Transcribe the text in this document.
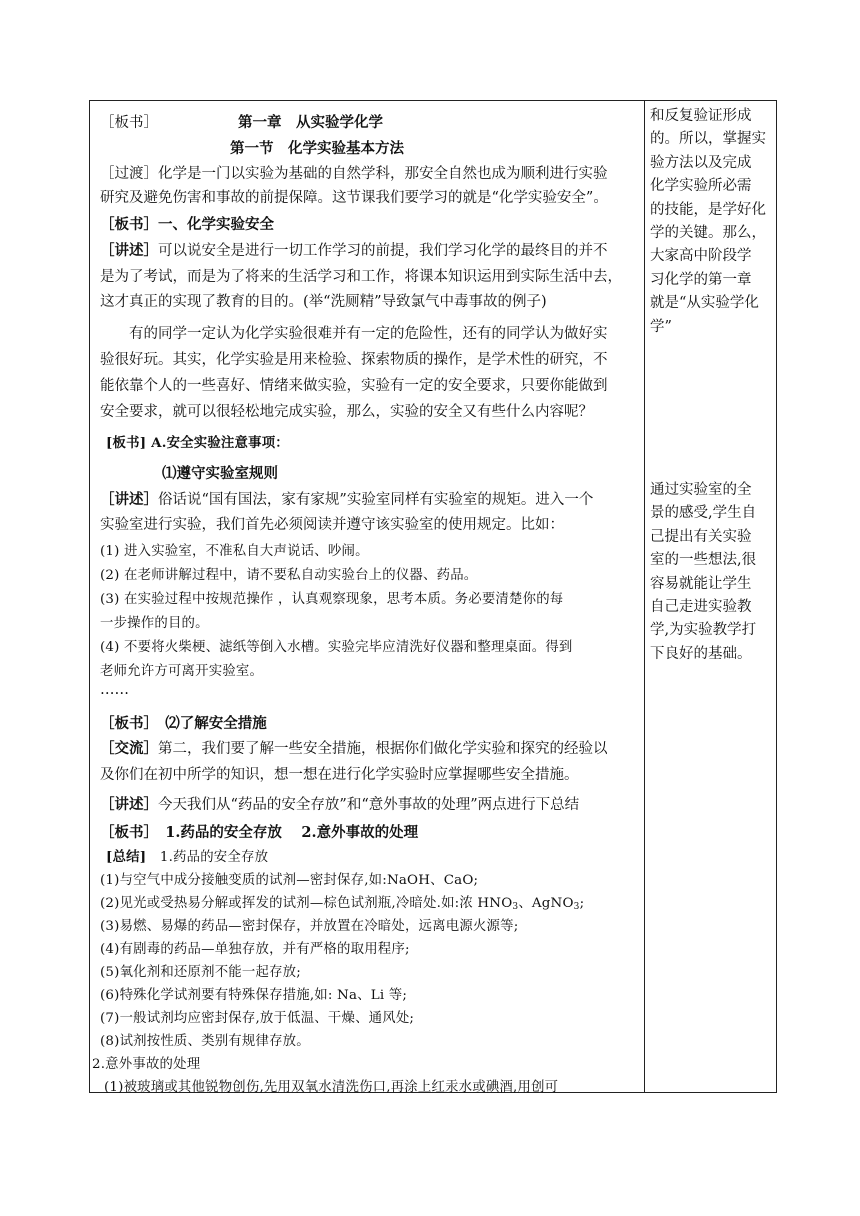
［板书］	第一章　从实验学化学
第一节　化学实验基本方法
［过渡］化学是一门以实验为基础的自然学科，那安全自然也成为顺利进行实验
研究及避免伤害和事故的前提保障。这节课我们要学习的就是“化学实验安全”。
［板书］一、化学实验安全
［讲述］可以说安全是进行一切工作学习的前提，我们学习化学的最终目的并不
是为了考试，而是为了将来的生活学习和工作，将课本知识运用到实际生活中去，
这才真正的实现了教育的目的。(举“洗厕精”导致氯气中毒事故的例子)
有的同学一定认为化学实验很难并有一定的危险性，还有的同学认为做好实
验很好玩。其实，化学实验是用来检验、探索物质的操作，是学术性的研究，不
能依靠个人的一些喜好、情绪来做实验，实验有一定的安全要求，只要你能做到
安全要求，就可以很轻松地完成实验，那么，实验的安全又有些什么内容呢？
[板书] A.安全实验注意事项：
⑴遵守实验室规则
［讲述］俗话说“国有国法，家有家规”实验室同样有实验室的规矩。进入一个
实验室进行实验，我们首先必须阅读并遵守该实验室的使用规定。比如：
(1) 进入实验室，不准私自大声说话、吵闹。
(2) 在老师讲解过程中，请不要私自动实验台上的仪器、药品。
(3) 在实验过程中按规范操作 ，认真观察现象，思考本质。务必要清楚你的每
一步操作的目的。
(4) 不要将火柴梗、滤纸等倒入水槽。实验完毕应清洗好仪器和整理桌面。得到
老师允许方可离开实验室。
……
［板书］　⑵了解安全措施
［交流］第二，我们要了解一些安全措施，根据你们做化学实验和探究的经验以
及你们在初中所学的知识，想一想在进行化学实验时应掌握哪些安全措施。
［讲述］今天我们从“药品的安全存放”和“意外事故的处理”两点进行下总结
［板书］　1.药品的安全存放　 2.意外事故的处理
[总结]　1.药品的安全存放
(1)与空气中成分接触变质的试剂—密封保存,如:NaOH、CaO;
(2)见光或受热易分解或挥发的试剂—棕色试剂瓶,冷暗处.如:浓 $HNO_3$、AgNO$_3$;
(3)易燃、易爆的药品—密封保存，并放置在冷暗处，远离电源火源等;
(4)有剧毒的药品—单独存放，并有严格的取用程序;
(5)氧化剂和还原剂不能一起存放;
(6)特殊化学试剂要有特殊保存措施,如: Na、Li 等;
(7)一般试剂均应密封保存,放于低温、干燥、通风处;
(8)试剂按性质、类别有规律存放。
2.意外事故的处理
(1)被玻璃或其他锐物创伤,先用双氧水清洗伤口,再涂上红汞水或碘酒,用创可
和反复验证形成
的。所以，掌握实
验方法以及完成
化学实验所必需
的技能，是学好化
学的关键。那么，
大家高中阶段学
习化学的第一章
就是“从实验学化
学”
通过实验室的全
景的感受,学生自
己提出有关实验
室的一些想法,很
容易就能让学生
自己走进实验教
学,为实验教学打
下良好的基础。
